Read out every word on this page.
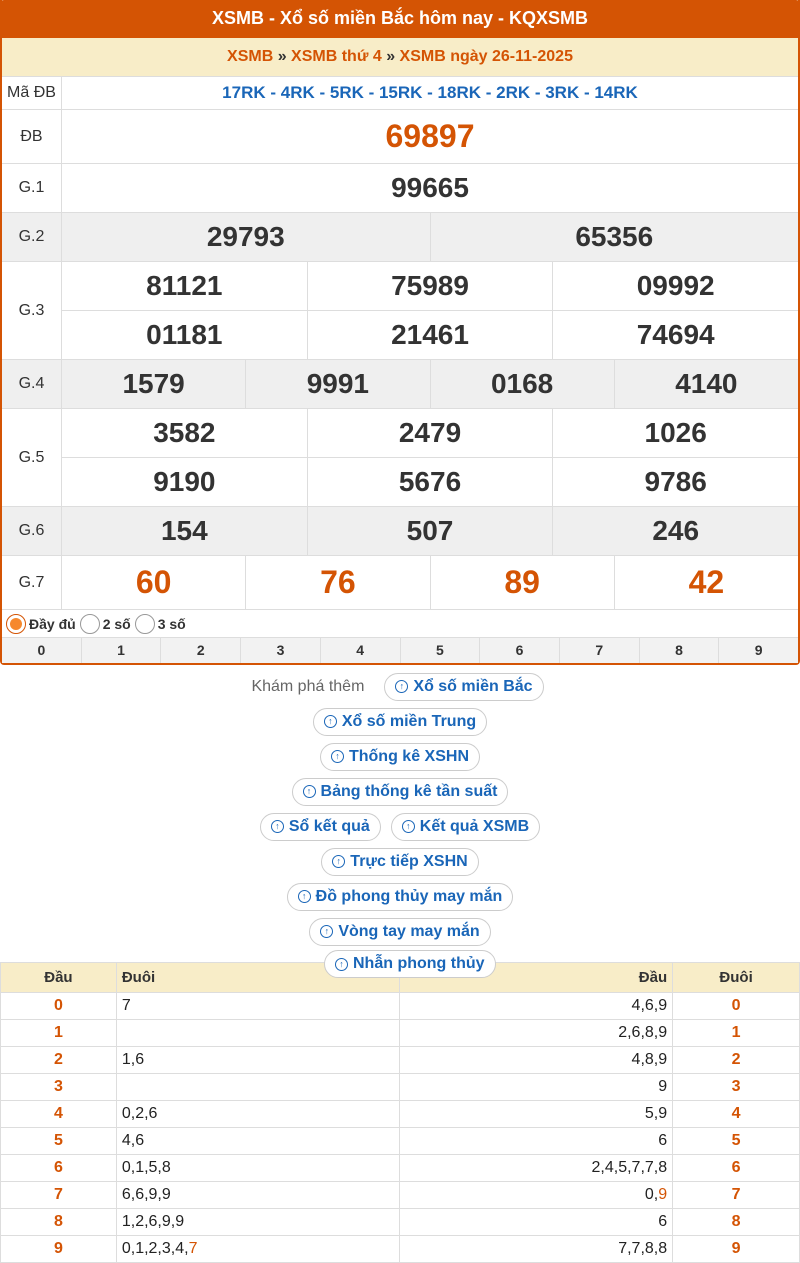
XSMB - Xổ số miền Bắc hôm nay - KQXSMB
XSMB » XSMB thứ 4 » XSMB ngày 26-11-2025
Mã ĐB	17RK - 4RK - 5RK - 15RK - 18RK - 2RK - 3RK - 14RK
ĐB	69897
G.1	99665
G.2	29793	65356
G.3
81121	75989	09992
01181	21461	74694
G.4	1579	9991	0168	4140
G.5
3582	2479	1026
9190	5676	9786
G.6	154	507	246
G.7	60	76	89	42
Đầy đủ 2 số 3 số
0	1	2	3	4	5	6	7	8	9
Khám phá thêm	↑ Xổ số miền Bắc
↑ Xổ số miền Trung
↑ Thống kê XSHN
↑ Bảng thống kê tần suất
↑ Sổ kết quả	↑ Kết quả XSMB
↑ Trực tiếp XSHN
↑ Đồ phong thủy may mắn
↑ Vòng tay may mắn
Đầu	Đuôi	Đầu	Đuôi
0	7	4,6,9	0
1		2,6,8,9	1
2	1,6	4,8,9	2
3		9	3
4	0,2,6	5,9	4
5	4,6	6	5
6	0,1,5,8	2,4,5,7,7,8	6
7	6,6,9,9	0,9	7
8	1,2,6,9,9	6	8
9	0,1,2,3,4,7	7,7,8,8	9
↑ Nhẫn phong thủy
